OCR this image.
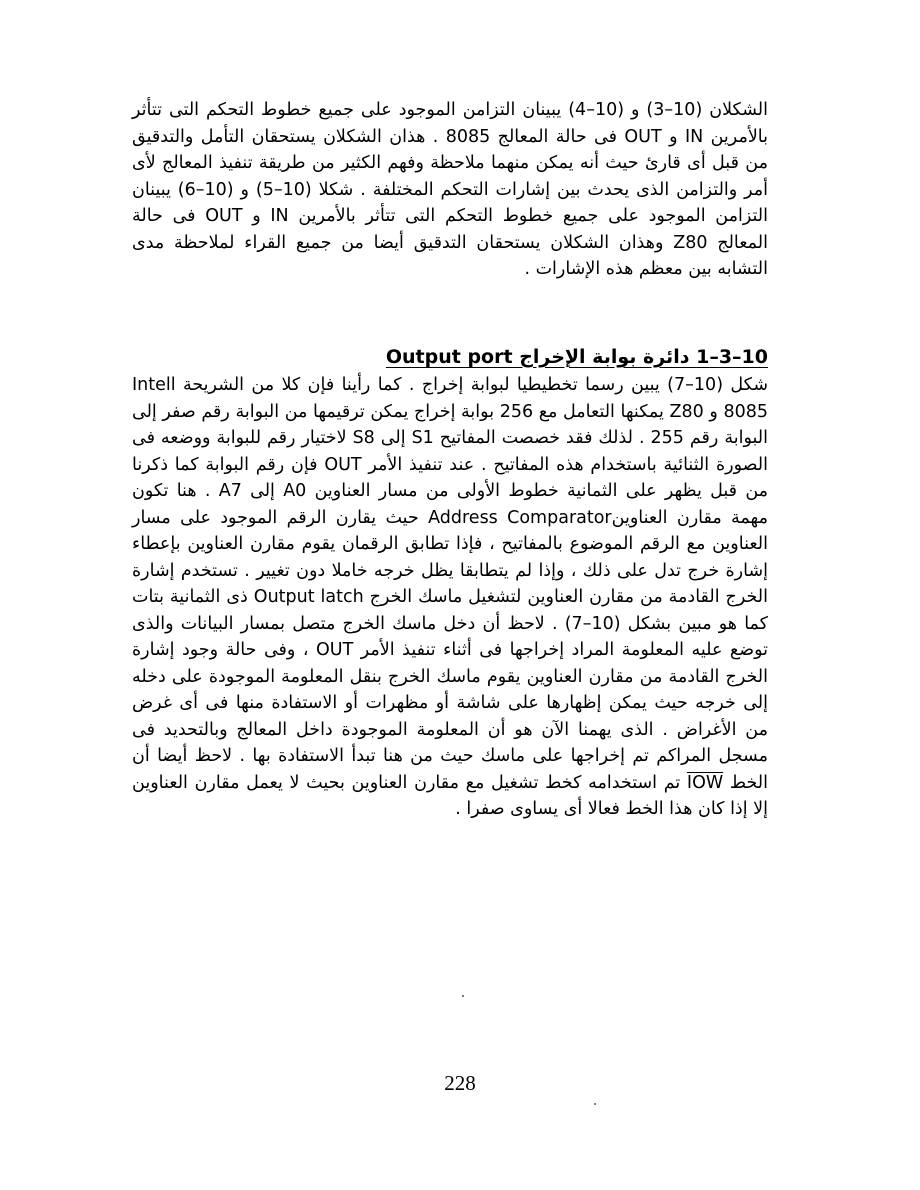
الشكلان (10–3) و (10–4) يبينان التزامن الموجود على جميع خطوط التحكم التى تتأثر بالأمرين IN و OUT فى حالة المعالج 8085 . هذان الشكلان يستحقان التأمل والتدقيق من قبل أى قارئ حيث أنه يمكن منهما ملاحظة وفهم الكثير من طريقة تنفيذ المعالج لأى أمر والتزامن الذى يحدث بين إشارات التحكم المختلفة . شكلا (10–5) و (10–6) يبينان التزامن الموجود على جميع خطوط التحكم التى تتأثر بالأمرين IN و OUT فى حالة المعالج Z80 وهذان الشكلان يستحقان التدقيق أيضا من جميع القراء لملاحظة مدى التشابه بين معظم هذه الإشارات .

10–3–1 دائرة بوابة الإخراج Output port

شكل (10–7) يبين رسما تخطيطيا لبوابة إخراج . كما رأينا فإن كلا من الشريحة Intell 8085 و Z80 يمكنها التعامل مع 256 بوابة إخراج يمكن ترقيمها من البوابة رقم صفر إلى البوابة رقم 255 . لذلك فقد خصصت المفاتيح S1 إلى S8 لاختيار رقم للبوابة ووضعه فى الصورة الثنائية باستخدام هذه المفاتيح . عند تنفيذ الأمر OUT فإن رقم البوابة كما ذكرنا من قبل يظهر على الثمانية خطوط الأولى من مسار العناوين A0 إلى A7 . هنا تكون مهمة مقارن العناوينAddress Comparator حيث يقارن الرقم الموجود على مسار العناوين مع الرقم الموضوع بالمفاتيح ، فإذا تطابق الرقمان يقوم مقارن العناوين بإعطاء إشارة خرج تدل على ذلك ، وإذا لم يتطابقا يظل خرجه خاملا دون تغيير . تستخدم إشارة الخرج القادمة من مقارن العناوين لتشغيل ماسك الخرج Output latch ذى الثمانية بتات كما هو مبين بشكل (10–7) . لاحظ أن دخل ماسك الخرج متصل بمسار البيانات والذى توضع عليه المعلومة المراد إخراجها فى أثناء تنفيذ الأمر OUT ، وفى حالة وجود إشارة الخرج القادمة من مقارن العناوين يقوم ماسك الخرج بنقل المعلومة الموجودة على دخله إلى خرجه حيث يمكن إظهارها على شاشة أو مظهرات أو الاستفادة منها فى أى غرض من الأغراض . الذى يهمنا الآن هو أن المعلومة الموجودة داخل المعالج وبالتحديد فى مسجل المراكم تم إخراجها على ماسك حيث من هنا تبدأ الاستفادة بها . لاحظ أيضا أن الخط IOW تم استخدامه كخط تشغيل مع مقارن العناوين بحيث لا يعمل مقارن العناوين إلا إذا كان هذا الخط فعالا أى يساوى صفرا .

228
